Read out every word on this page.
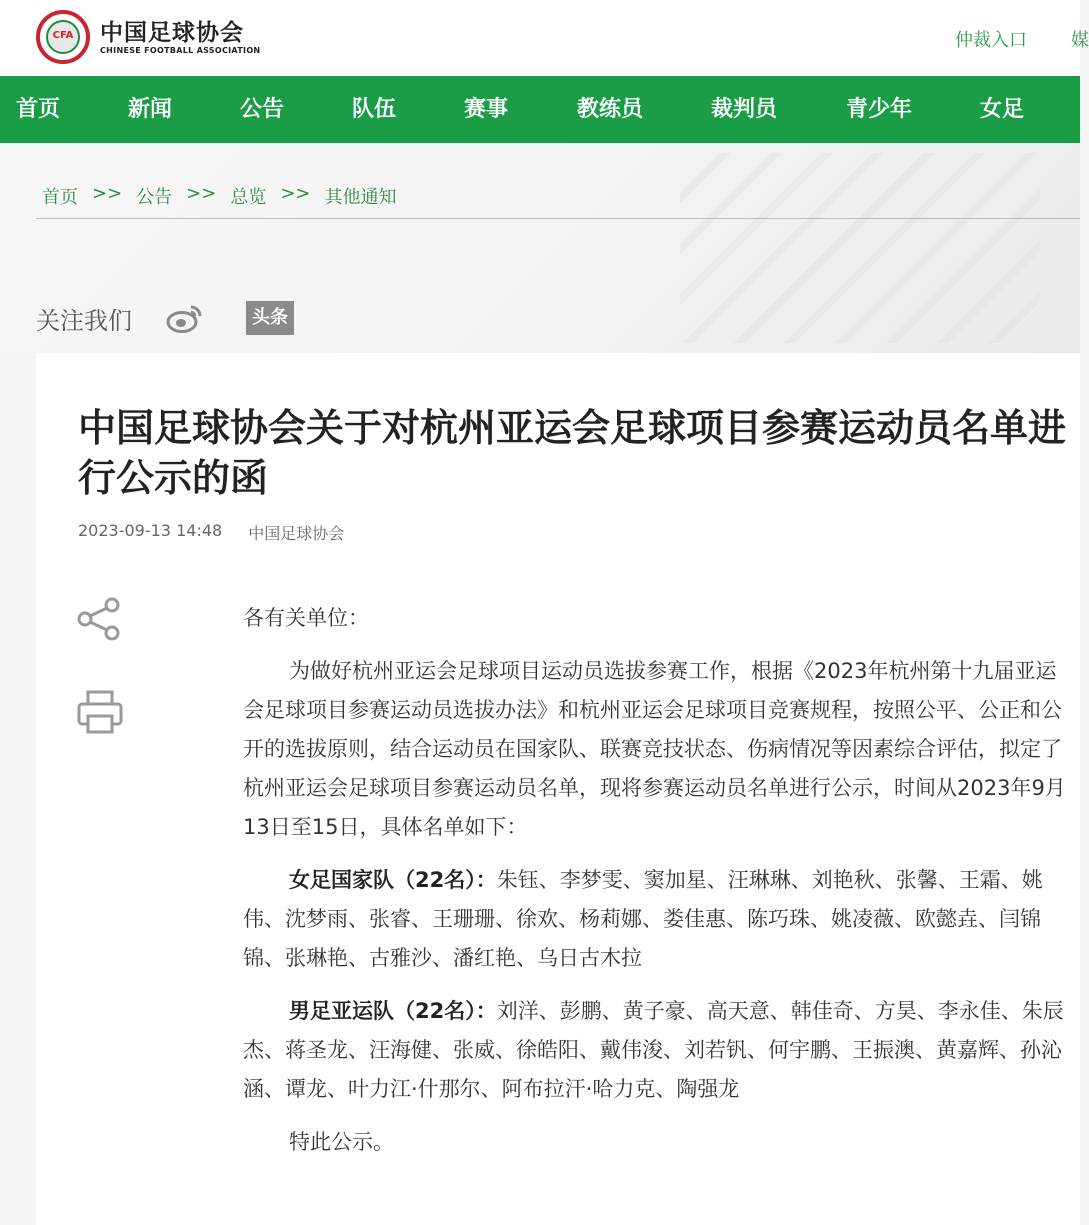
CFA	中国足球协会
CHINESE FOOTBALL ASSOCIATION	仲裁入口 媒
首页	新闻	公告	队伍	赛事	教练员	裁判员	青少年	女足
首页 >> 公告 >> 总览 >> 其他通知
关注我们	头条
中国足球协会关于对杭州亚运会足球项目参赛运动员名单进行公示的函
2023-09-13 14:48 中国足球协会

各有关单位：

为做好杭州亚运会足球项目运动员选拔参赛工作，根据《2023年杭州第十九届亚运会足球项目参赛运动员选拔办法》和杭州亚运会足球项目竞赛规程，按照公平、公正和公开的选拔原则，结合运动员在国家队、联赛竞技状态、伤病情况等因素综合评估，拟定了杭州亚运会足球项目参赛运动员名单，现将参赛运动员名单进行公示，时间从2023年9月13日至15日，具体名单如下：

女足国家队（22名）：朱钰、李梦雯、窦加星、汪琳琳、刘艳秋、张馨、王霜、姚伟、沈梦雨、张睿、王珊珊、徐欢、杨莉娜、娄佳惠、陈巧珠、姚凌薇、欧懿垚、闫锦锦、张琳艳、古雅沙、潘红艳、乌日古木拉

男足亚运队（22名）：刘洋、彭鹏、黄子豪、高天意、韩佳奇、方昊、李永佳、朱辰杰、蒋圣龙、汪海健、张威、徐皓阳、戴伟浚、刘若钒、何宇鹏、王振澳、黄嘉辉、孙沁涵、谭龙、叶力江·什那尔、阿布拉汗·哈力克、陶强龙

特此公示。
